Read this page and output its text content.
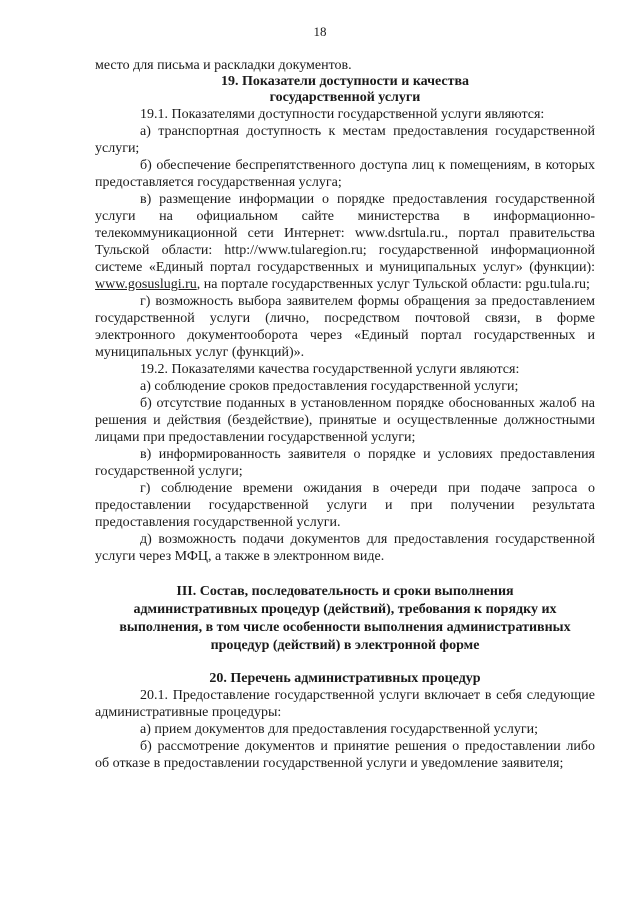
18

место для письма и раскладки документов.

19. Показатели доступности и качества
государственной услуги

19.1. Показателями доступности государственной услуги являются:

а) транспортная доступность к местам предоставления государственной услуги;

б) обеспечение беспрепятственного доступа лиц к помещениям, в которых предоставляется государственная услуга;

в) размещение информации о порядке предоставления государственной услуги на официальном сайте министерства в информационно-телекоммуникационной сети Интернет: www.dsrtula.ru., портал правительства Тульской области: http://www.tularegion.ru; государственной информационной системе «Единый портал государственных и муниципальных услуг» (функции): www.gosuslugi.ru, на портале государственных услуг Тульской области: pgu.tula.ru;

г) возможность выбора заявителем формы обращения за предоставлением государственной услуги (лично, посредством почтовой связи, в форме электронного документооборота через «Единый портал государственных и муниципальных услуг (функций)».

19.2. Показателями качества государственной услуги являются:

а) соблюдение сроков предоставления государственной услуги;

б) отсутствие поданных в установленном порядке обоснованных жалоб на решения и действия (бездействие), принятые и осуществленные должностными лицами при предоставлении государственной услуги;

в) информированность заявителя о порядке и условиях предоставления государственной услуги;

г) соблюдение времени ожидания в очереди при подаче запроса о предоставлении государственной услуги и при получении результата предоставления государственной услуги.

д) возможность подачи документов для предоставления государственной услуги через МФЦ, а также в электронном виде.

III. Состав, последовательность и сроки выполнения
административных процедур (действий), требования к порядку их
выполнения, в том числе особенности выполнения административных
процедур (действий) в электронной форме
20. Перечень административных процедур

20.1. Предоставление государственной услуги включает в себя следующие административные процедуры:

а) прием документов для предоставления государственной услуги;

б) рассмотрение документов и принятие решения о предоставлении либо об отказе в предоставлении государственной услуги и уведомление заявителя;
